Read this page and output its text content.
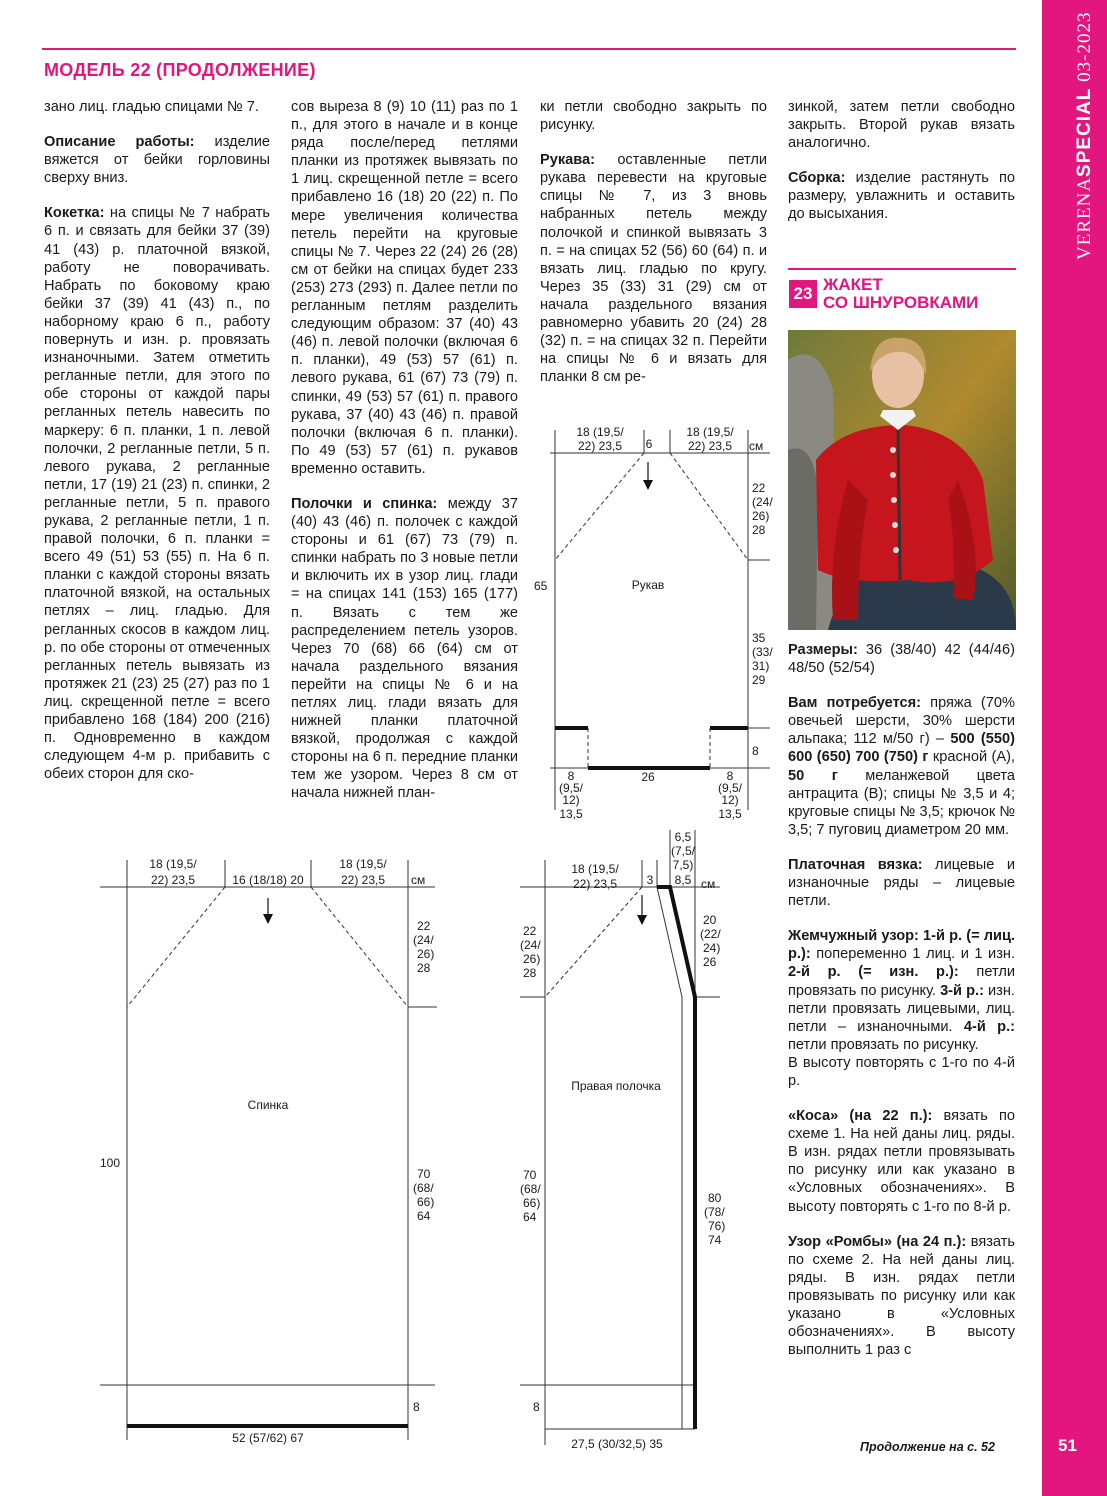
VERENASPECIAL 03-2023
51
МОДЕЛЬ 22 (ПРОДОЛЖЕНИЕ)

зано лиц. гладью спицами № 7.

Описание работы: изделие вяжется от бейки горловины сверху вниз.

Кокетка: на спицы № 7 набрать 6 п. и связать для бейки 37 (39) 41 (43) р. платочной вязкой, работу не поворачивать. Набрать по боковому краю бейки 37 (39) 41 (43) п., по наборному краю 6 п., работу повернуть и изн. р. провязать изнаночными. Затем отметить регланные петли, для этого по обе стороны от каждой пары регланных петель навесить по маркеру: 6 п. планки, 1 п. левой полочки, 2 регланные петли, 5 п. левого рукава, 2 регланные петли, 17 (19) 21 (23) п. спинки, 2 регланные петли, 5 п. правого рукава, 2 регланные петли, 1 п. правой полочки, 6 п. планки = всего 49 (51) 53 (55) п. На 6 п. планки с каждой стороны вязать платочной вязкой, на остальных петлях – лиц. гладью. Для регланных скосов в каждом лиц. р. по обе стороны от отмеченных регланных петель вывязать из протяжек 21 (23) 25 (27) раз по 1 лиц. скрещенной петле = всего прибавлено 168 (184) 200 (216) п. Одновременно в каждом следующем 4-м р. прибавить с обеих сторон для ско-

сов выреза 8 (9) 10 (11) раз по 1 п., для этого в начале и в конце ряда после/перед петлями планки из протяжек вывязать по 1 лиц. скрещенной петле = всего прибавлено 16 (18) 20 (22) п. По мере увеличения количества петель перейти на круговые спицы № 7. Через 22 (24) 26 (28) см от бейки на спицах будет 233 (253) 273 (293) п. Далее петли по регланным петлям разделить следующим образом: 37 (40) 43 (46) п. левой полочки (включая 6 п. планки), 49 (53) 57 (61) п. левого рукава, 61 (67) 73 (79) п. спинки, 49 (53) 57 (61) п. правого рукава, 37 (40) 43 (46) п. правой полочки (включая 6 п. планки). По 49 (53) 57 (61) п. рукавов временно оставить.

Полочки и спинка: между 37 (40) 43 (46) п. полочек с каждой стороны и 61 (67) 73 (79) п. спинки набрать по 3 новые петли и включить их в узор лиц. глади = на спицах 141 (153) 165 (177) п. Вязать с тем же распределением петель узоров. Через 70 (68) 66 (64) см от начала раздельного вязания перейти на спицы № 6 и на петлях лиц. глади вязать для нижней планки платочной вязкой, продолжая с каждой стороны на 6 п. передние планки тем же узором. Через 8 см от начала нижней план-

ки петли свободно закрыть по рисунку.

Рукава: оставленные петли рукава перевести на круговые спицы № 7, из 3 вновь набранных петель между полочкой и спинкой вывязать 3 п. = на спицах 52 (56) 60 (64) п. и вязать лиц. гладью по кругу. Через 35 (33) 31 (29) см от начала раздельного вязания равномерно убавить 20 (24) 28 (32) п. = на спицах 32 п. Перейти на спицы № 6 и вязать для планки 8 см ре-

зинкой, затем петли свободно закрыть. Второй рукав вязать аналогично.

Сборка: изделие растянуть по размеру, увлажнить и оставить до высыхания.

23 ЖАКЕТ
СО ШНУРОВКАМИ

Размеры: 36 (38/40) 42 (44/46) 48/50 (52/54)

Вам потребуется: пряжа (70% овечьей шерсти, 30% шерсти альпака; 112 м/50 г) – 500 (550) 600 (650) 700 (750) г красной (А), 50 г меланжевой цвета антрацита (В); спицы № 3,5 и 4; круговые спицы № 3,5; крючок № 3,5; 7 пуговиц диаметром 20 мм.

Платочная вязка: лицевые и изнаночные ряды – лицевые петли.

Жемчужный узор: 1-й р. (= лиц. р.): попеременно 1 лиц. и 1 изн. 2-й р. (= изн. р.): петли провязать по рисунку. 3-й р.: изн. петли провязать лицевыми, лиц. петли – изнаночными. 4-й р.: петли провязать по рисунку.
В высоту повторять с 1-го по 4-й р.

«Коса» (на 22 п.): вязать по схеме 1. На ней даны лиц. ряды. В изн. рядах петли провязывать по рисунку или как указано в «Условных обозначениях». В высоту повторять с 1-го по 8-й р.

Узор «Ромбы» (на 24 п.): вязать по схеме 2. На ней даны лиц. ряды. В изн. рядах петли провязывать по рисунку или как указано в «Условных обозначениях». В высоту выполнить 1 раз с

Продолжение на с. 52
18 (19,5/
22) 23,5 6
18 (19,5/
22) 23,5 см
22
(24/
26)
28
65	Рукав
35
(33/
31)
29
8
8
(9,5/
12)
13,5
26	8
(9,5/
12)
13,5
18 (19,5/
22) 23,5	16 (18/18) 20
18 (19,5/
22) 23,5 см
22
(24/
26)
28
Спинка
100
70
(68/
66)
64
8
52 (57/62) 67
6,5
(7,5/
7,5)
8,5
18 (19,5/
22) 23,5 3	см
22
(24/
26)
28
20
(22/
24)
26
Правая полочка
70
(68/
66)
64
80
(78/
76)
74
8
27,5 (30/32,5) 35
